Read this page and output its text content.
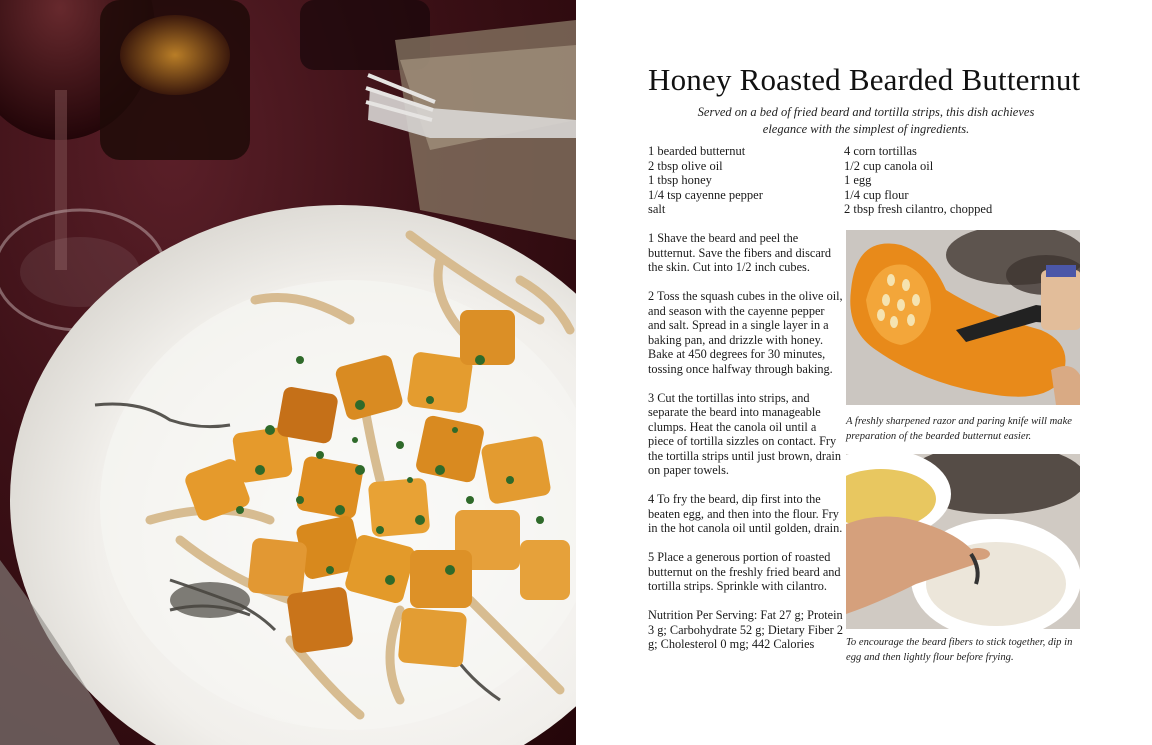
Honey Roasted Bearded Butternut
Served on a bed of fried beard and tortilla strips, this dish achieves elegance with the simplest of ingredients.
1 bearded butternut
2 tbsp olive oil
1 tbsp honey
1/4 tsp cayenne pepper
salt
4 corn tortillas
1/2 cup canola oil
1 egg
1/4 cup flour
2 tbsp fresh cilantro, chopped

1 Shave the beard and peel the butternut. Save the fibers and discard the skin. Cut into 1/2 inch cubes.

2 Toss the squash cubes in the olive oil, and season with the cayenne pepper and salt. Spread in a single layer in a baking pan, and drizzle with honey. Bake at 450 degrees for 30 minutes, tossing once halfway through baking.

3 Cut the tortillas into strips, and separate the beard into manageable clumps. Heat the canola oil until a piece of tortilla sizzles on contact. Fry the tortilla strips until just brown, drain on paper towels.

4 To fry the beard, dip first into the beaten egg, and then into the flour. Fry in the hot canola oil until golden, drain.

5 Place a generous portion of roasted butternut on the freshly fried beard and tortilla strips. Sprinkle with cilantro.

Nutrition Per Serving: Fat 27 g; Protein 3 g; Carbohydrate 52 g; Dietary Fiber 2 g; Cholesterol 0 mg; 442 Calories

A freshly sharpened razor and paring knife will make preparation of the bearded butternut easier.
To encourage the beard fibers to stick together, dip in egg and then lightly flour before frying.
